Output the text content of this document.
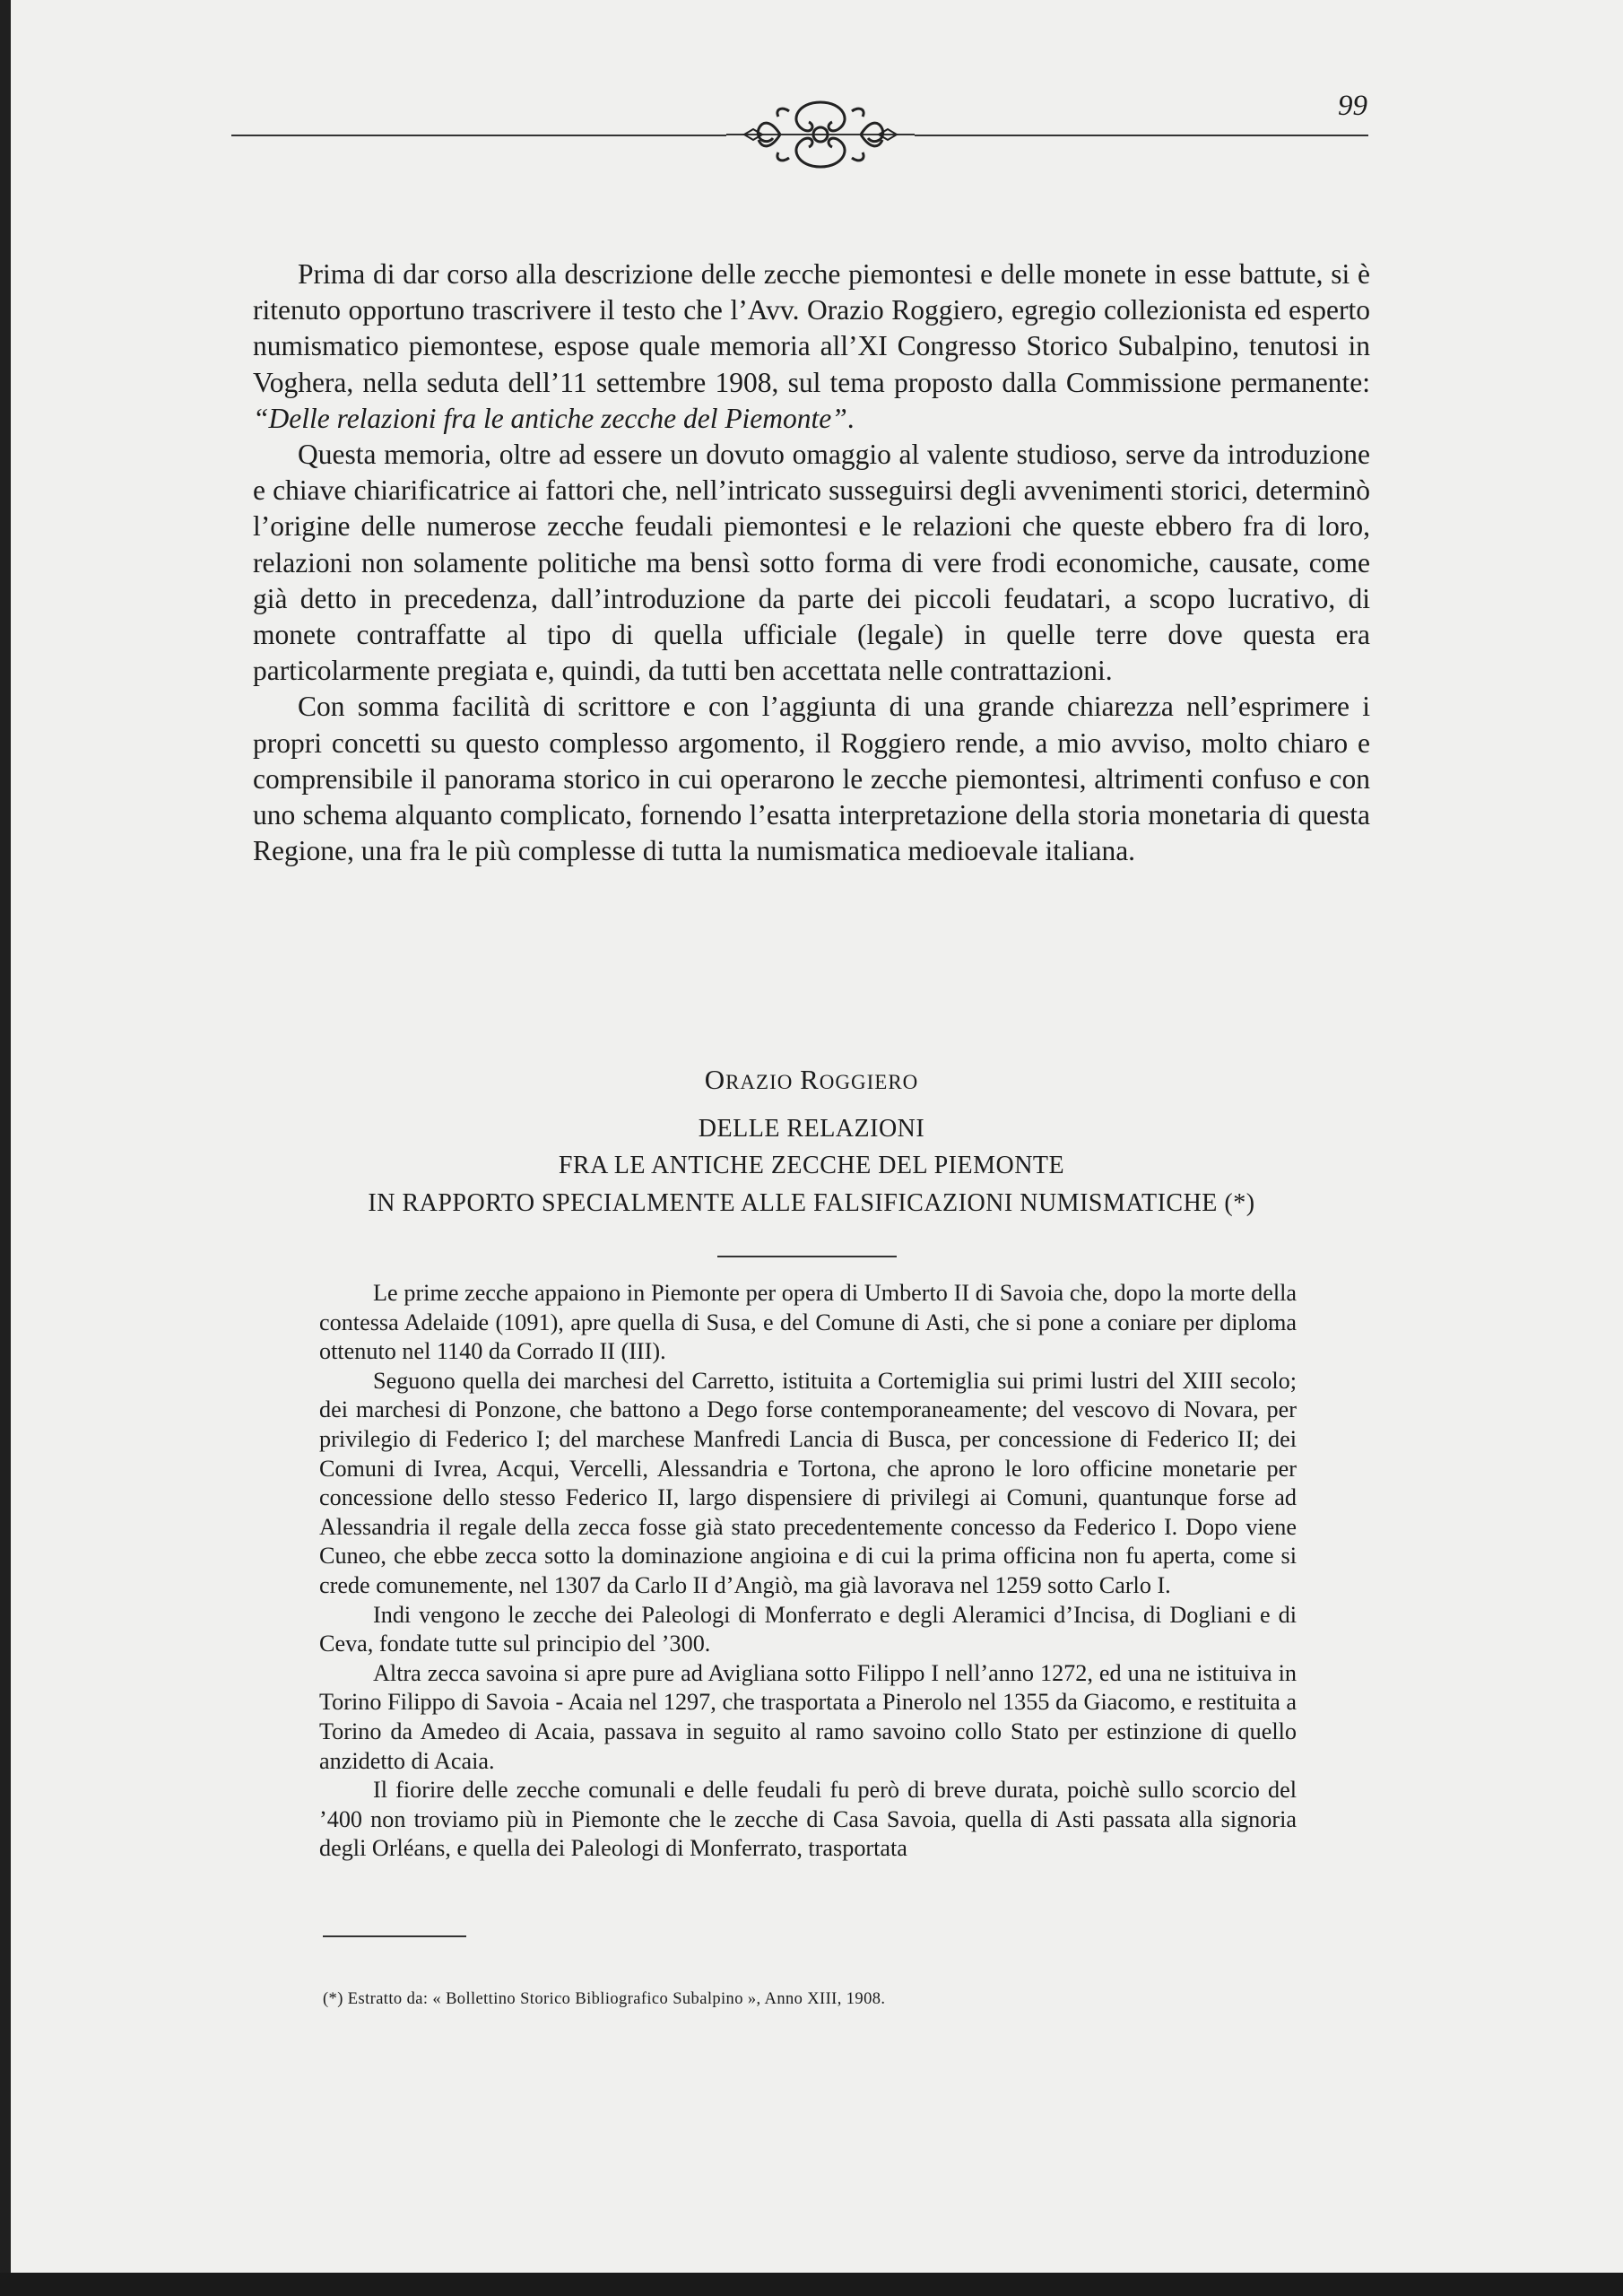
99

Prima di dar corso alla descrizione delle zecche piemontesi e delle monete in esse battute, si è ritenuto opportuno trascrivere il testo che l’Avv. Orazio Roggiero, egregio collezionista ed esperto numismatico piemontese, espose quale memoria all’XI Congresso Storico Subalpino, tenutosi in Voghera, nella seduta dell’11 settembre 1908, sul tema proposto dalla Commissione permanente: “Delle relazioni fra le antiche zecche del Piemonte”.

Questa memoria, oltre ad essere un dovuto omaggio al valente studioso, serve da introduzione e chiave chiarificatrice ai fattori che, nell’intricato susseguirsi degli avvenimenti storici, determinò l’origine delle numerose zecche feudali piemontesi e le relazioni che queste ebbero fra di loro, relazioni non solamente politiche ma bensì sotto forma di vere frodi economiche, causate, come già detto in precedenza, dall’introduzione da parte dei piccoli feudatari, a scopo lucrativo, di monete contraffatte al tipo di quella ufficiale (legale) in quelle terre dove questa era particolarmente pregiata e, quindi, da tutti ben accettata nelle contrattazioni.

Con somma facilità di scrittore e con l’aggiunta di una grande chiarezza nell’esprimere i propri concetti su questo complesso argomento, il Roggiero rende, a mio avviso, molto chiaro e comprensibile il panorama storico in cui operarono le zecche piemontesi, altrimenti confuso e con uno schema alquanto complicato, fornendo l’esatta interpretazione della storia monetaria di questa Regione, una fra le più complesse di tutta la numismatica medioevale italiana.

ORAZIO ROGGIERO
DELLE RELAZIONI
FRA LE ANTICHE ZECCHE DEL PIEMONTE
IN RAPPORTO SPECIALMENTE ALLE FALSIFICAZIONI NUMISMATICHE (*)

Le prime zecche appaiono in Piemonte per opera di Umberto II di Savoia che, dopo la morte della contessa Adelaide (1091), apre quella di Susa, e del Comune di Asti, che si pone a coniare per diploma ottenuto nel 1140 da Corrado II (III).

Seguono quella dei marchesi del Carretto, istituita a Cortemiglia sui primi lustri del XIII secolo; dei marchesi di Ponzone, che battono a Dego forse contemporaneamente; del vescovo di Novara, per privilegio di Federico I; del marchese Manfredi Lancia di Busca, per concessione di Federico II; dei Comuni di Ivrea, Acqui, Vercelli, Alessandria e Tortona, che aprono le loro officine monetarie per concessione dello stesso Federico II, largo dispensiere di privilegi ai Comuni, quantunque forse ad Alessandria il regale della zecca fosse già stato precedentemente concesso da Federico I. Dopo viene Cuneo, che ebbe zecca sotto la dominazione angioina e di cui la prima officina non fu aperta, come si crede comunemente, nel 1307 da Carlo II d’Angiò, ma già lavorava nel 1259 sotto Carlo I.

Indi vengono le zecche dei Paleologi di Monferrato e degli Aleramici d’Incisa, di Dogliani e di Ceva, fondate tutte sul principio del ’300.

Altra zecca savoina si apre pure ad Avigliana sotto Filippo I nell’anno 1272, ed una ne istituiva in Torino Filippo di Savoia - Acaia nel 1297, che trasportata a Pinerolo nel 1355 da Giacomo, e restituita a Torino da Amedeo di Acaia, passava in seguito al ramo savoino collo Stato per estinzione di quello anzidetto di Acaia.

Il fiorire delle zecche comunali e delle feudali fu però di breve durata, poichè sullo scorcio del ’400 non troviamo più in Piemonte che le zecche di Casa Savoia, quella di Asti passata alla signoria degli Orléans, e quella dei Paleologi di Monferrato, trasportata

(*) Estratto da: « Bollettino Storico Bibliografico Subalpino », Anno XIII, 1908.
